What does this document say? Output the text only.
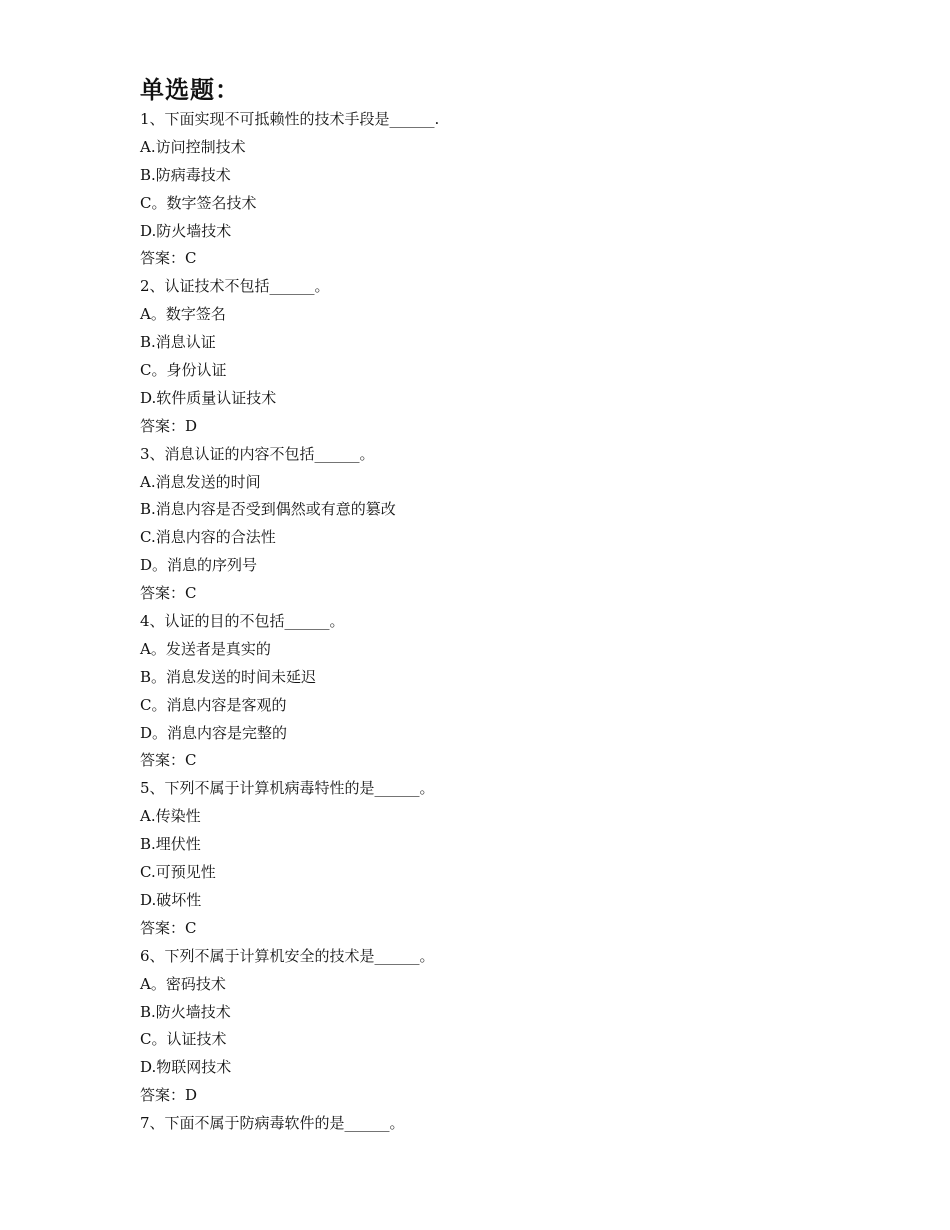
单选题：
1、下面实现不可抵赖性的技术手段是______.
A.访问控制技术
B.防病毒技术
C。数字签名技术
D.防火墙技术
答案：C
2、认证技术不包括______。
A。数字签名
B.消息认证
C。身份认证
D.软件质量认证技术
答案：D
3、消息认证的内容不包括______。
A.消息发送的时间
B.消息内容是否受到偶然或有意的篡改
C.消息内容的合法性
D。消息的序列号
答案：C
4、认证的目的不包括______。
A。发送者是真实的
B。消息发送的时间未延迟
C。消息内容是客观的
D。消息内容是完整的
答案：C
5、下列不属于计算机病毒特性的是______。
A.传染性
B.埋伏性
C.可预见性
D.破坏性
答案：C
6、下列不属于计算机安全的技术是______。
A。密码技术
B.防火墙技术
C。认证技术
D.物联网技术
答案：D
7、下面不属于防病毒软件的是______。
